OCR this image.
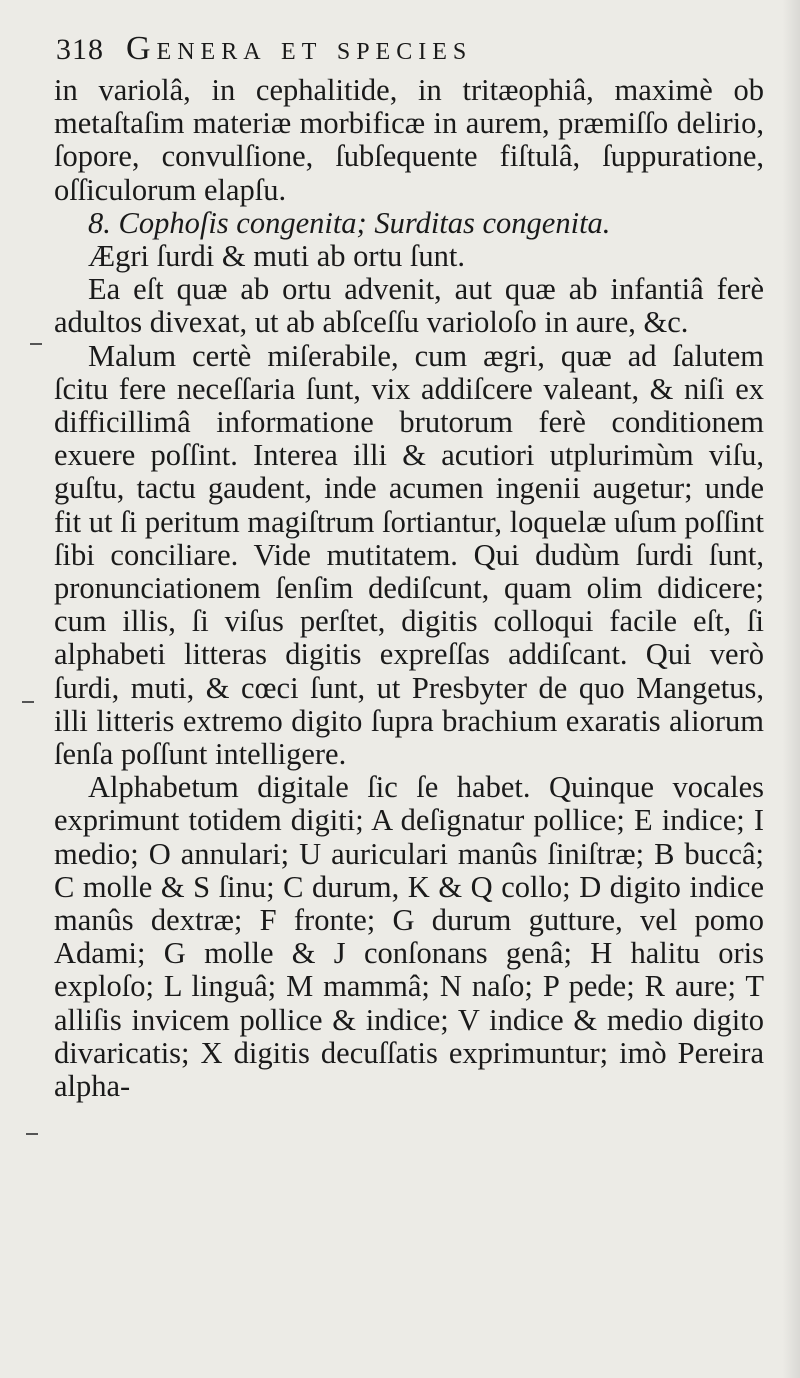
318 Genera et species

in variolâ, in cephalitide, in tritæophiâ, maximè ob metaſtaſim materiæ morbificæ in aurem, præmiſſo delirio, ſopore, convulſione, ſubſequente fiſtulâ, ſuppuratione, oſſiculorum elapſu.

8. Cophoſis congenita; Surditas congenita.

Ægri ſurdi & muti ab ortu ſunt.

Ea eſt quæ ab ortu advenit, aut quæ ab infantiâ ferè adultos divexat, ut ab abſceſſu varioloſo in aure, &c.

Malum certè miſerabile, cum ægri, quæ ad ſalutem ſcitu fere neceſſaria ſunt, vix addiſcere valeant, & niſi ex difficillimâ informatione brutorum ferè conditionem exuere poſſint. Interea illi & acutiori utplurimùm viſu, guſtu, tactu gaudent, inde acumen ingenii augetur; unde fit ut ſi peritum magiſtrum ſortiantur, loquelæ uſum poſſint ſibi conciliare. Vide mutitatem. Qui dudùm ſurdi ſunt, pronunciationem ſenſim dediſcunt, quam olim didicere; cum illis, ſi viſus perſtet, digitis colloqui facile eſt, ſi alphabeti litteras digitis expreſſas addiſcant. Qui verò ſurdi, muti, & cœci ſunt, ut Presbyter de quo Mangetus, illi litteris extremo digito ſupra brachium exaratis aliorum ſenſa poſſunt intelligere.

Alphabetum digitale ſic ſe habet. Quinque vocales exprimunt totidem digiti; A deſignatur pollice; E indice; I medio; O annulari; U auriculari manûs ſiniſtræ; B buccâ; C molle & S ſinu; C durum, K & Q collo; D digito indice manûs dextræ; F fronte; G durum gutture, vel pomo Adami; G molle & J conſonans genâ; H halitu oris exploſo; L linguâ; M mammâ; N naſo; P pede; R aure; T alliſis invicem pollice & indice; V indice & medio digito divaricatis; X digitis decuſſatis exprimuntur; imò Pereira alpha-
